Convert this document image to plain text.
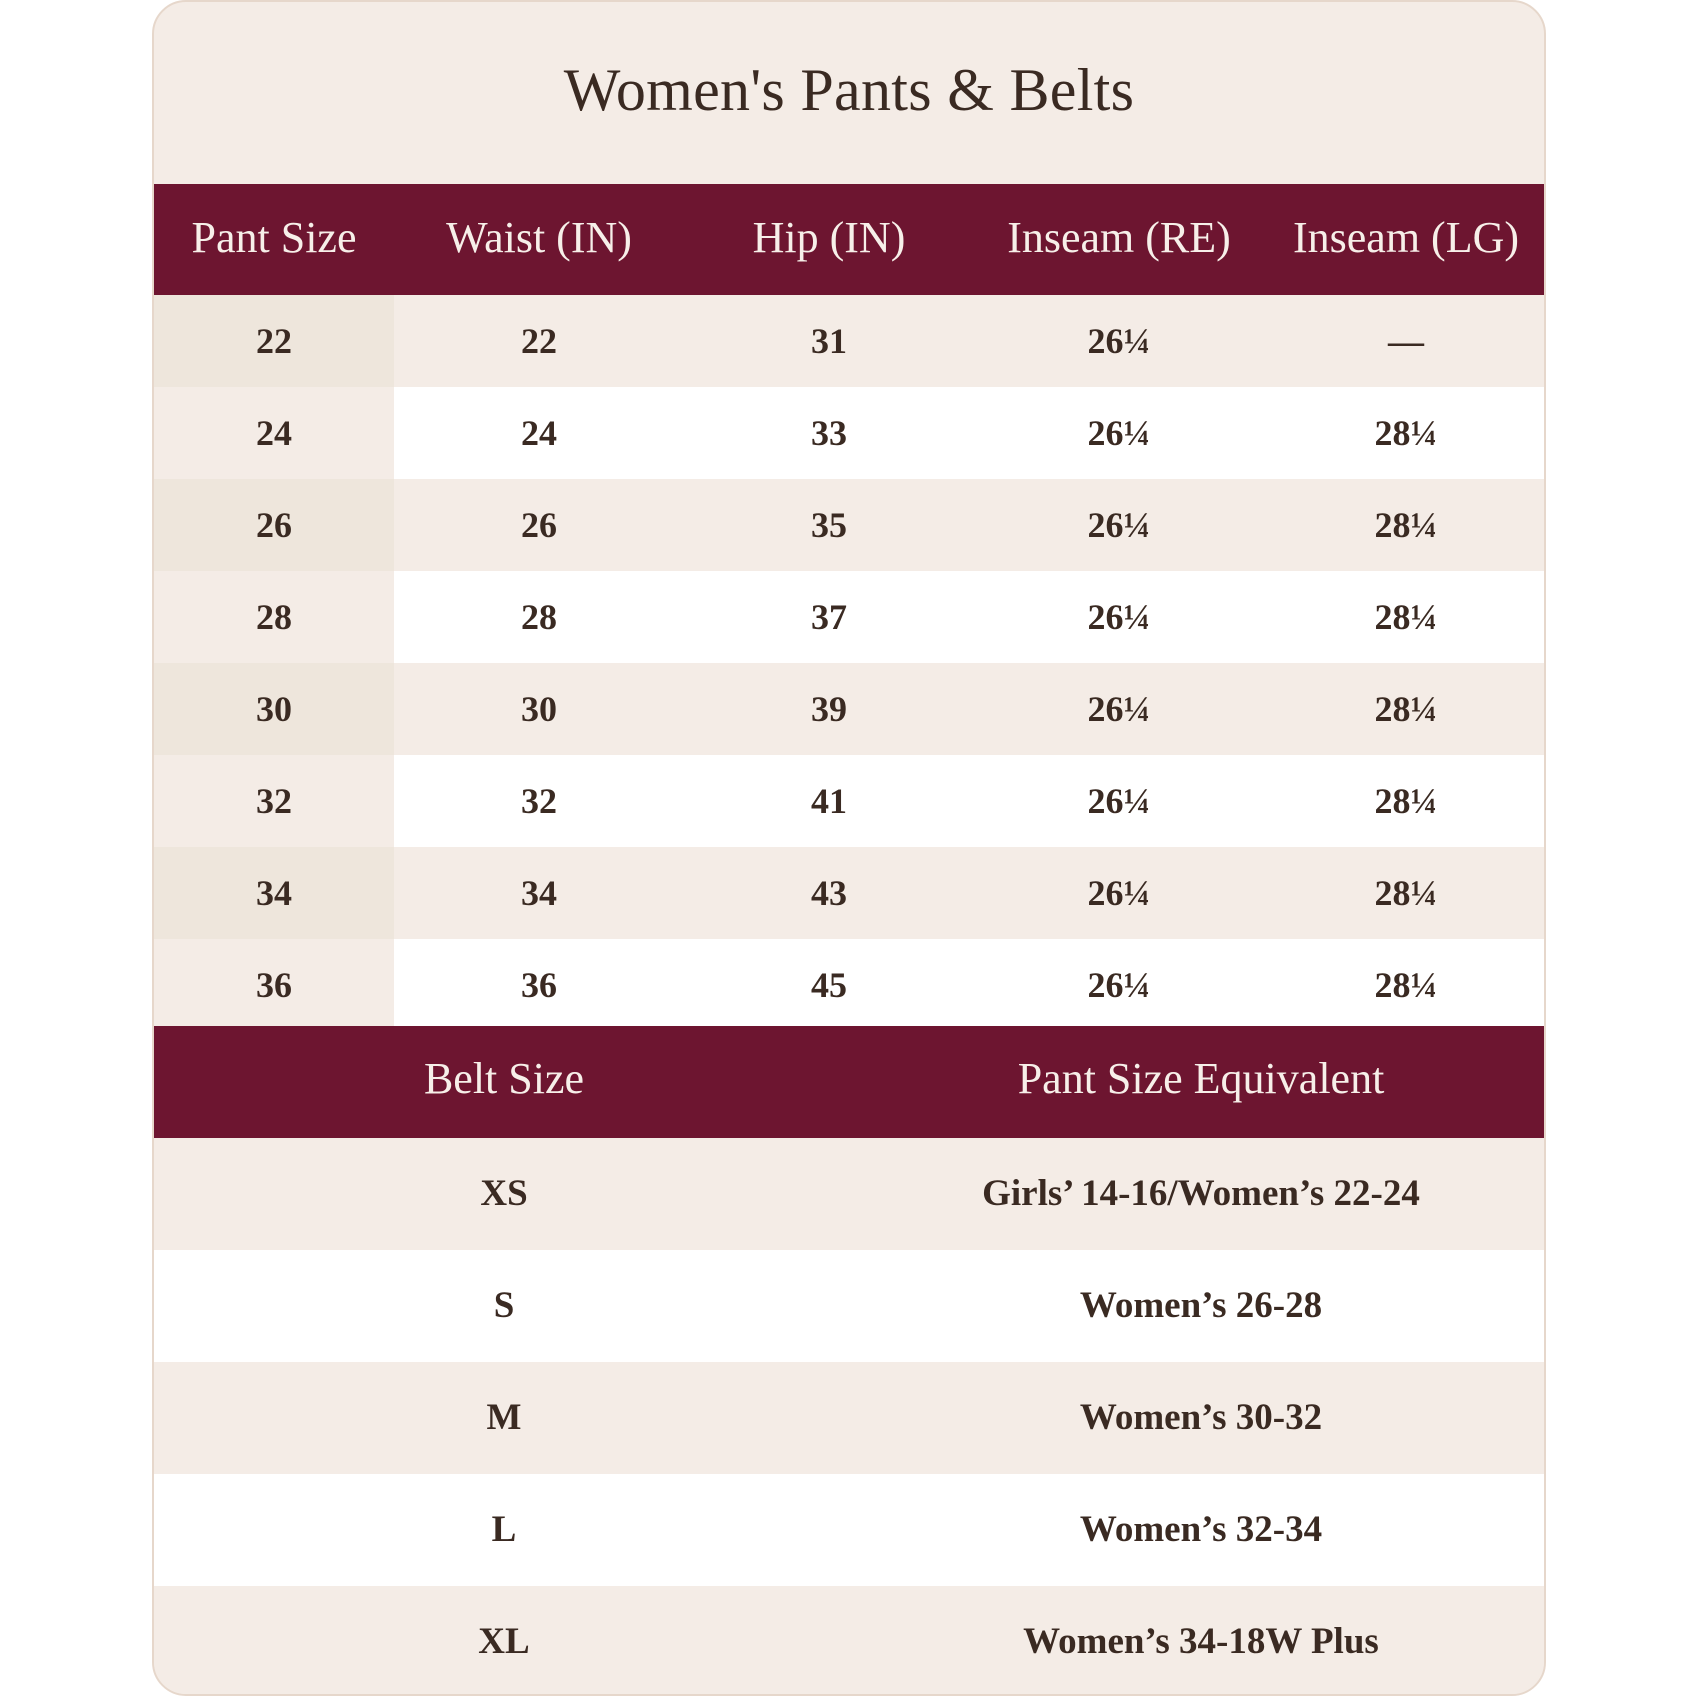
Women's Pants & Belts
Pant Size	Waist (IN)	Hip (IN)	Inseam (RE)	Inseam (LG)
22	22	31	26¼	—
24	24	33	26¼	28¼
26	26	35	26¼	28¼
28	28	37	26¼	28¼
30	30	39	26¼	28¼
32	32	41	26¼	28¼
34	34	43	26¼	28¼
36	36	45	26¼	28¼
Belt Size	Pant Size Equivalent
XS	Girls’ 14-16/Women’s 22-24
S	Women’s 26-28
M	Women’s 30-32
L	Women’s 32-34
XL	Women’s 34-18W Plus
